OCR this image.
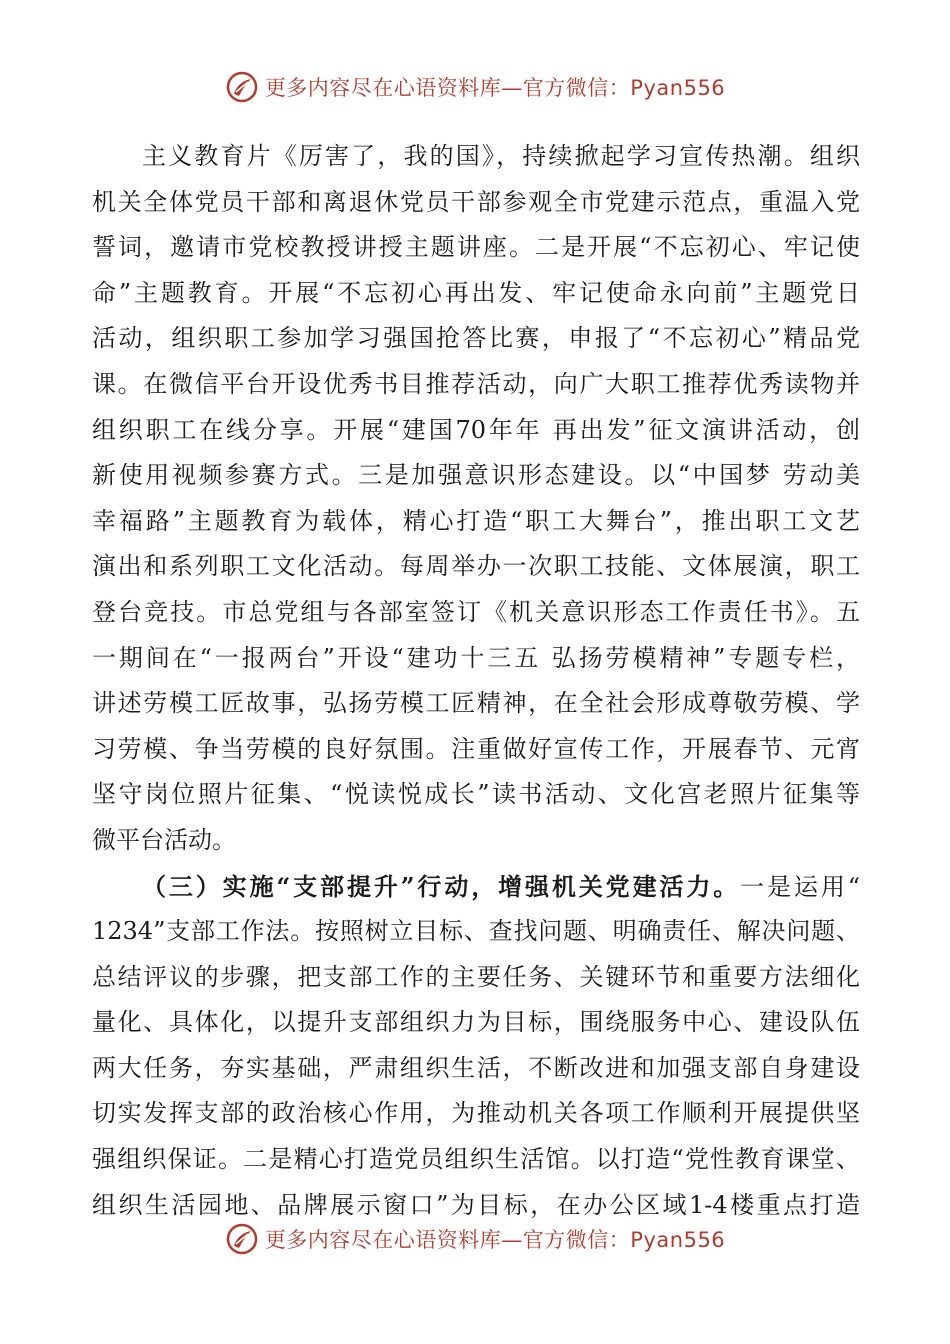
更多内容尽在心语资料库—官方微信：Pyan556
主义教育片《厉害了，我的国》，持续掀起学习宣传热潮。组织
机关全体党员干部和离退休党员干部参观全市党建示范点，重温入党
誓词，邀请市党校教授讲授主题讲座。二是开展“不忘初心、牢记使
命”主题教育。开展“不忘初心再出发、牢记使命永向前”主题党日
活动，组织职工参加学习强国抢答比赛，申报了“不忘初心”精品党
课。在微信平台开设优秀书目推荐活动，向广大职工推荐优秀读物并
组织职工在线分享。开展“建国70年年 再出发”征文演讲活动，创
新使用视频参赛方式。三是加强意识形态建设。以“中国梦 劳动美
幸福路”主题教育为载体，精心打造“职工大舞台”，推出职工文艺
演出和系列职工文化活动。每周举办一次职工技能、文体展演，职工
登台竞技。市总党组与各部室签订《机关意识形态工作责任书》。五
一期间在“一报两台”开设“建功十三五 弘扬劳模精神”专题专栏，
讲述劳模工匠故事，弘扬劳模工匠精神，在全社会形成尊敬劳模、学
习劳模、争当劳模的良好氛围。注重做好宣传工作，开展春节、元宵
坚守岗位照片征集、“悦读悦成长”读书活动、文化宫老照片征集等
微平台活动。
（三）实施“支部提升”行动，增强机关党建活力。一是运用“
1234”支部工作法。按照树立目标、查找问题、明确责任、解决问题、
总结评议的步骤，把支部工作的主要任务、关键环节和重要方法细化
量化、具体化，以提升支部组织力为目标，围绕服务中心、建设队伍
两大任务，夯实基础，严肃组织生活，不断改进和加强支部自身建设
切实发挥支部的政治核心作用，为推动机关各项工作顺利开展提供坚
强组织保证。二是精心打造党员组织生活馆。以打造“党性教育课堂、
组织生活园地、品牌展示窗口”为目标，在办公区域1-4楼重点打造
更多内容尽在心语资料库—官方微信：Pyan556
